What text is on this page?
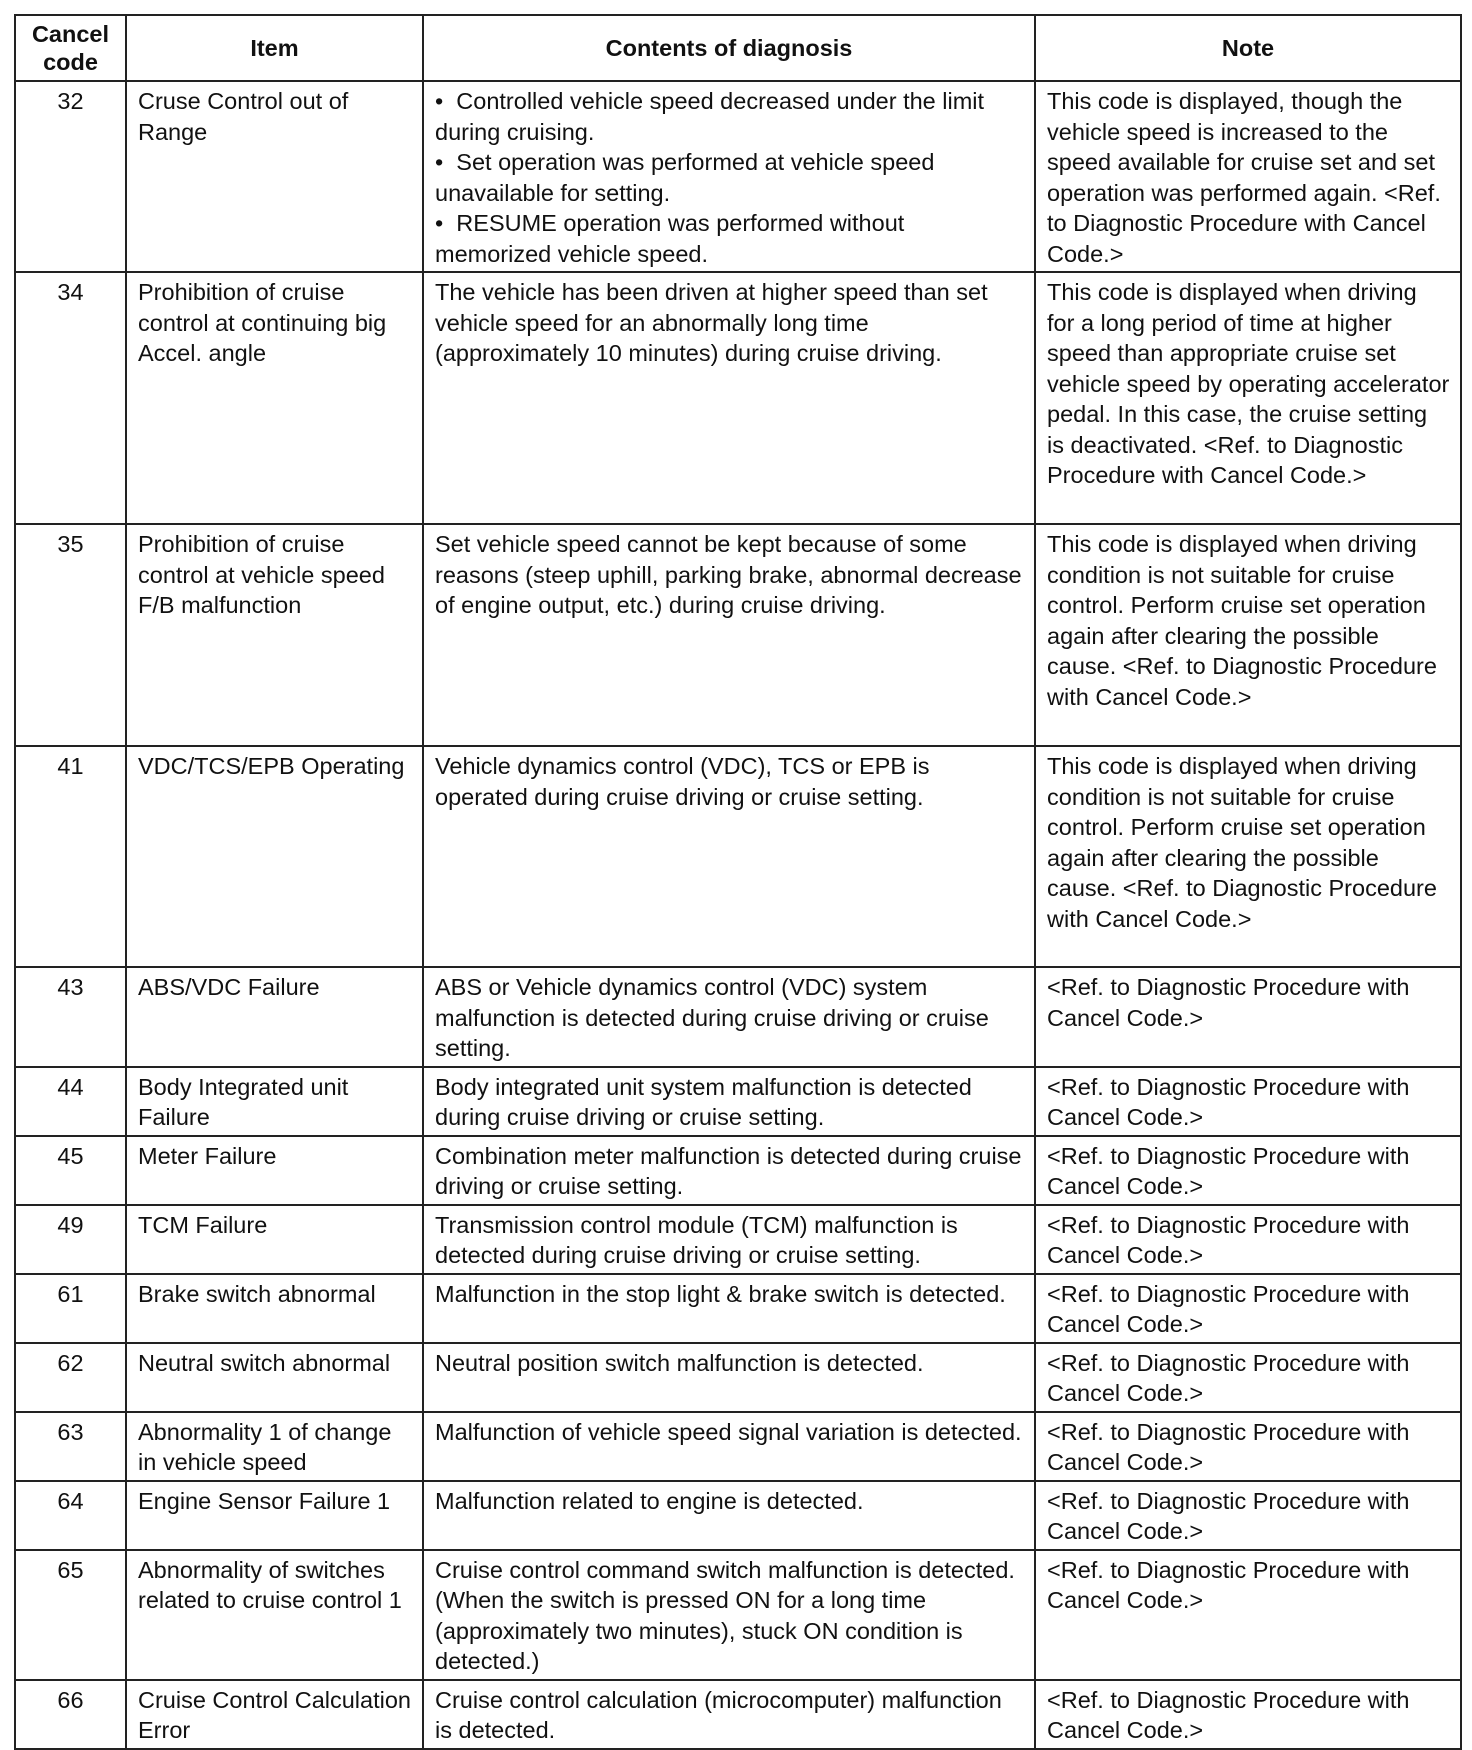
Cancel code	Item	Contents of diagnosis	Note
32	Cruse Control out of Range	•  Controlled vehicle speed decreased under the limit during cruising.
•  Set operation was performed at vehicle speed unavailable for setting.
•  RESUME operation was performed without memorized vehicle speed.	This code is displayed, though the vehicle speed is increased to the speed available for cruise set and set operation was performed again. <Ref. to Diagnostic Procedure with Cancel Code.>
34	Prohibition of cruise control at continuing big Accel. angle	The vehicle has been driven at higher speed than set vehicle speed for an abnormally long time (approximately 10 minutes) during cruise driving.	This code is displayed when driving for a long period of time at higher speed than appropriate cruise set vehicle speed by operating accelerator pedal. In this case, the cruise setting is deactivated. <Ref. to Diagnostic Procedure with Cancel Code.>
35	Prohibition of cruise control at vehicle speed F/B malfunction	Set vehicle speed cannot be kept because of some reasons (steep uphill, parking brake, abnormal decrease of engine output, etc.) during cruise driving.	This code is displayed when driving condition is not suitable for cruise control. Perform cruise set operation again after clearing the possible cause. <Ref. to Diagnostic Procedure with Cancel Code.>
41	VDC/TCS/EPB Operating	Vehicle dynamics control (VDC), TCS or EPB is operated during cruise driving or cruise setting.	This code is displayed when driving condition is not suitable for cruise control. Perform cruise set operation again after clearing the possible cause. <Ref. to Diagnostic Procedure with Cancel Code.>
43	ABS/VDC Failure	ABS or Vehicle dynamics control (VDC) system malfunction is detected during cruise driving or cruise setting.	<Ref. to Diagnostic Procedure with Cancel Code.>
44	Body Integrated unit Failure	Body integrated unit system malfunction is detected during cruise driving or cruise setting.	<Ref. to Diagnostic Procedure with Cancel Code.>
45	Meter Failure	Combination meter malfunction is detected during cruise driving or cruise setting.	<Ref. to Diagnostic Procedure with Cancel Code.>
49	TCM Failure	Transmission control module (TCM) malfunction is detected during cruise driving or cruise setting.	<Ref. to Diagnostic Procedure with Cancel Code.>
61	Brake switch abnormal	Malfunction in the stop light & brake switch is detected.	<Ref. to Diagnostic Procedure with Cancel Code.>
62	Neutral switch abnormal	Neutral position switch malfunction is detected.	<Ref. to Diagnostic Procedure with Cancel Code.>
63	Abnormality 1 of change in vehicle speed	Malfunction of vehicle speed signal variation is detected.	<Ref. to Diagnostic Procedure with Cancel Code.>
64	Engine Sensor Failure 1	Malfunction related to engine is detected.	<Ref. to Diagnostic Procedure with Cancel Code.>
65	Abnormality of switches related to cruise control 1	Cruise control command switch malfunction is detected. (When the switch is pressed ON for a long time (approximately two minutes), stuck ON condition is detected.)	<Ref. to Diagnostic Procedure with Cancel Code.>
66	Cruise Control Calculation Error	Cruise control calculation (microcomputer) malfunction is detected.	<Ref. to Diagnostic Procedure with Cancel Code.>
